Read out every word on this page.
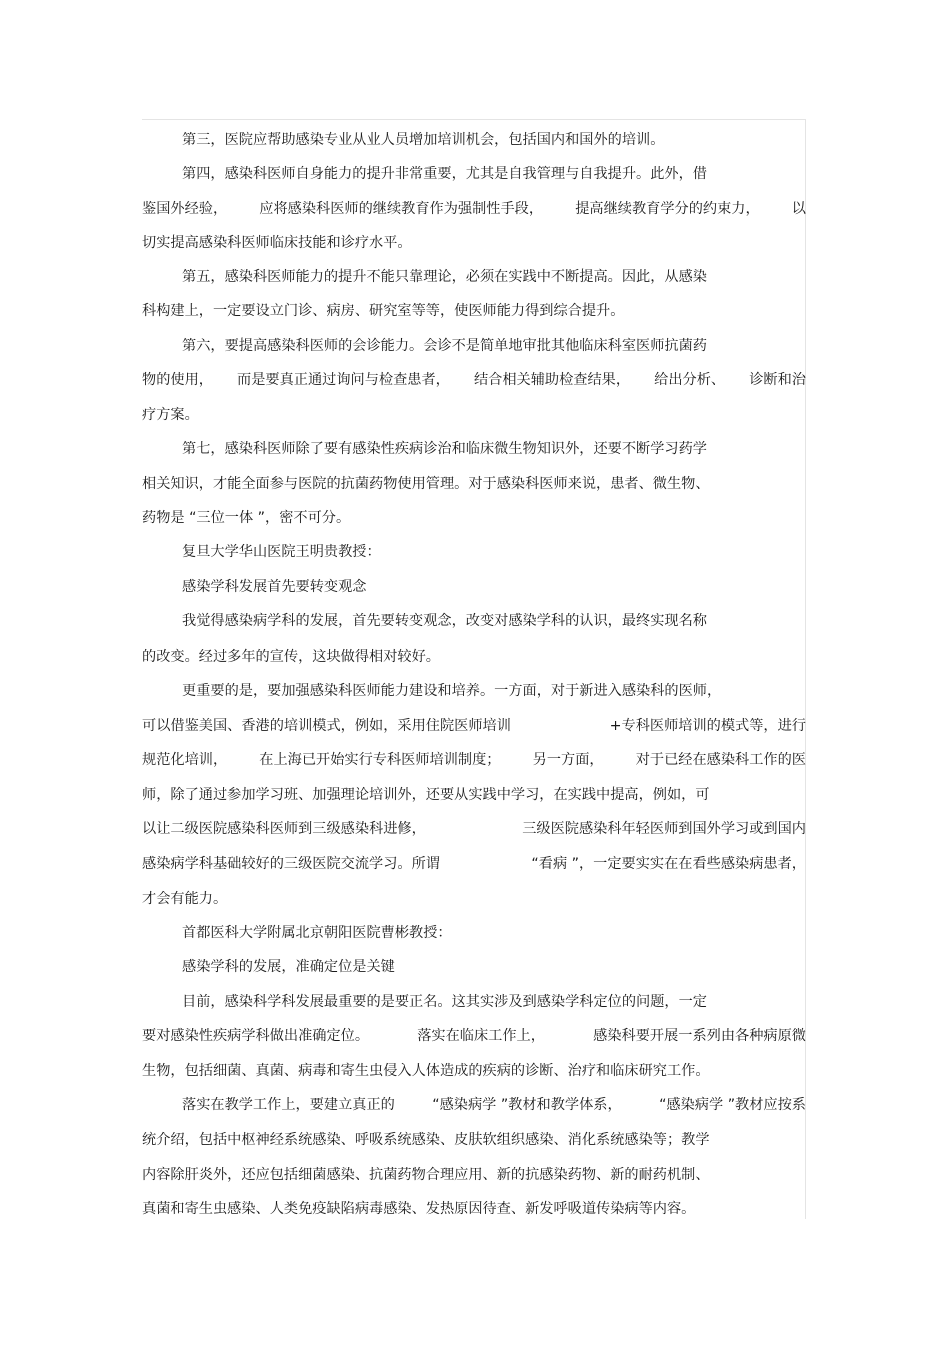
第三，医院应帮助感染专业从业人员增加培训机会，包括国内和国外的培训。
第四，感染科医师自身能力的提升非常重要，尤其是自我管理与自我提升。此外，借
鉴国外经验， 应将感染科医师的继续教育作为强制性手段， 提高继续教育学分的约束力， 以
切实提高感染科医师临床技能和诊疗水平。
第五，感染科医师能力的提升不能只靠理论，必须在实践中不断提高。因此，从感染
科构建上，一定要设立门诊、病房、研究室等等，使医师能力得到综合提升。
第六，要提高感染科医师的会诊能力。会诊不是简单地审批其他临床科室医师抗菌药
物的使用， 而是要真正通过询问与检查患者， 结合相关辅助检查结果， 给出分析、 诊断和治
疗方案。
第七，感染科医师除了要有感染性疾病诊治和临床微生物知识外，还要不断学习药学
相关知识，才能全面参与医院的抗菌药物使用管理。对于感染科医师来说，患者、微生物、
药物是 “三位一体 ”，密不可分。
复旦大学华山医院王明贵教授：
感染学科发展首先要转变观念
我觉得感染病学科的发展，首先要转变观念，改变对感染学科的认识，最终实现名称
的改变。经过多年的宣传，这块做得相对较好。
更重要的是，要加强感染科医师能力建设和培养。一方面，对于新进入感染科的医师，
可以借鉴美国、香港的培训模式，例如，采用住院医师培训	+专科医师培训的模式等，进行
规范化培训， 在上海已开始实行专科医师培训制度； 另一方面， 对于已经在感染科工作的医
师，除了通过参加学习班、加强理论培训外，还要从实践中学习，在实践中提高，例如，可
以让二级医院感染科医师到三级感染科进修，	三级医院感染科年轻医师到国外学习或到国内
感染病学科基础较好的三级医院交流学习。所谓	“看病 ”，一定要实实在在看些感染病患者，
才会有能力。
首都医科大学附属北京朝阳医院曹彬教授：
感染学科的发展，准确定位是关键
目前，感染科学科发展最重要的是要正名。这其实涉及到感染学科定位的问题，一定
要对感染性疾病学科做出准确定位。	落实在临床工作上，	感染科要开展一系列由各种病原微
生物，包括细菌、真菌、病毒和寄生虫侵入人体造成的疾病的诊断、治疗和临床研究工作。
落实在教学工作上，要建立真正的	“感染病学 ”教材和教学体系，	“感染病学 ”教材应按系
统介绍，包括中枢神经系统感染、呼吸系统感染、皮肤软组织感染、消化系统感染等；教学
内容除肝炎外，还应包括细菌感染、抗菌药物合理应用、新的抗感染药物、新的耐药机制、
真菌和寄生虫感染、人类免疫缺陷病毒感染、发热原因待查、新发呼吸道传染病等内容。
